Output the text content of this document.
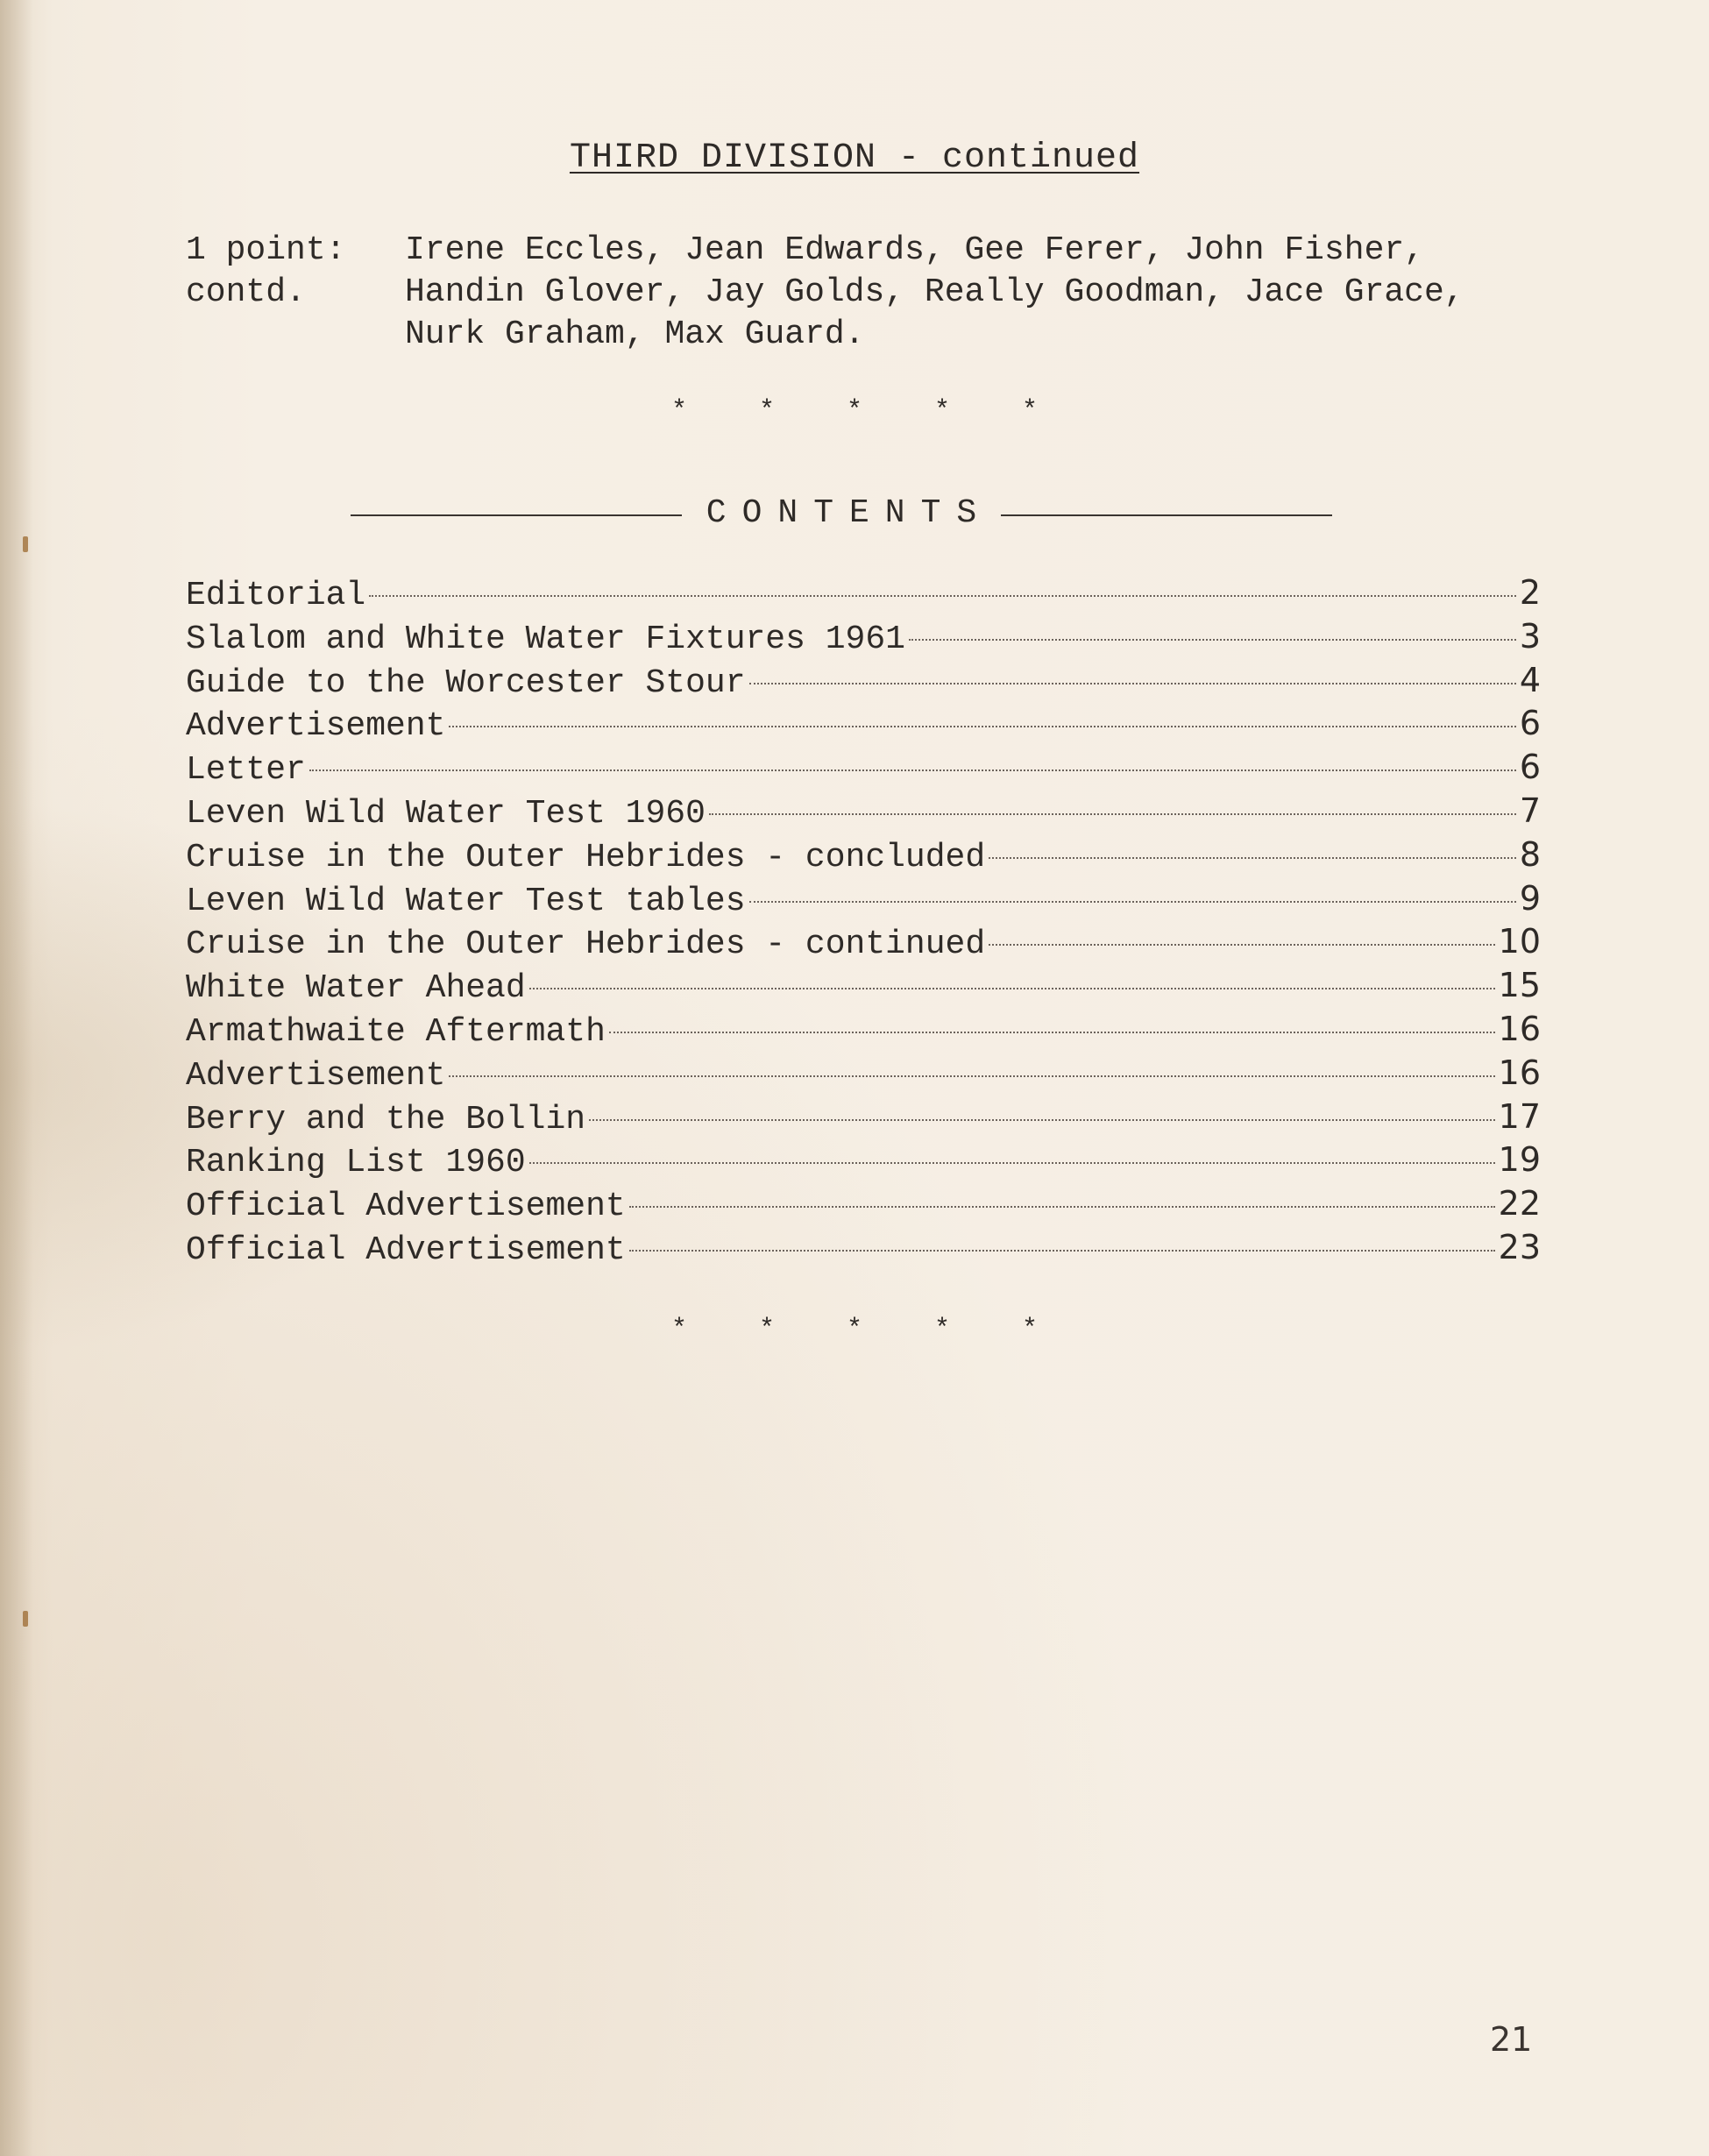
THIRD DIVISION - continued
1 point:
contd.
Irene Eccles, Jean Edwards, Gee Ferer, John Fisher,
Handin Glover, Jay Golds, Really Goodman, Jace Grace,
Nurk Graham, Max Guard.
* * * * *
CONTENTS
Editorial	2
Slalom and White Water Fixtures 1961	3
Guide to the Worcester Stour	4
Advertisement	6
Letter	6
Leven Wild Water Test 1960	7
Cruise in the Outer Hebrides - concluded	8
Leven Wild Water Test tables	9
Cruise in the Outer Hebrides - continued	10
White Water Ahead	15
Armathwaite Aftermath	16
Advertisement	16
Berry and the Bollin	17
Ranking List 1960	19
Official Advertisement	22
Official Advertisement	23
* * * * *
21
